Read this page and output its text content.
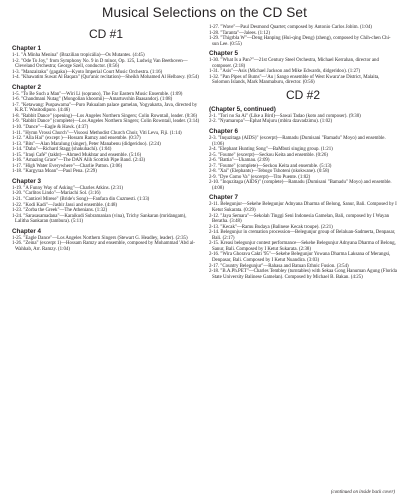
Musical Selections on the CD Set
CD #1
Chapter 1

1-1. "A Minha Menina" (Brazilian tropicália)—Os Mutantes. (4:45)

1-2. "Ode To Joy," from Symphony No. 9 in D minor, Op. 125, Ludwig Van Beethoven—Cleveland Orchestra; George Szell, conductor. (0:56)

1-3. "Manzairaku" (gagaku)—Kyoto Imperial Court Music Orchestra. (1:16)

1-4. "Khawatim Suwat Al Baqara" (Qur'anic recitation)—Sheikh Mohamed Al Helbawy. (0:54)

Chapter 2

1-5. "To Be Such a Man"—Wiri Li (soprano), The Far Eastern Music Ensemble. (1:09)

1-6. "Chandmani Nutag" (Mongolian khoomii)—Amartuvshin Baasandorj. (1:08)

1-7. "Ketawang: Puspawarna"—Puro Pakualam palace gamelan, Yogyakarta, Java, directed by K.R.T. Wasitodipuro. (4:46)

1-8. "Rabbit Dance" (opening)—Los Angeles Northern Singers; Colin Rowntail, leader. (0:36)

1-9. "Rabbit Dance" (complete)—Los Angeles Northern Singers; Colin Rowntail, leader. (3:14)

1-10. "Dance"—Eagle & Hawk. (4:37)

1-11. "Hymn Vrossi Church"—Visoosi Methodist Church Choir, Viti Levu, Fiji. (1:14)

1-12. "Alla Hai" (except )—Hossam Ramzy and ensemble. (0:37)

1-13. "Bits"—Alan Maralung (singer), Peter Manabenu (didgeridoo). (2:24)

1-14. "Daba"—Richard Stagg (shakuhachi). (1:04)

1-15. "Iraqi Café" (takht)—Ahmed Mukhtar and ensemble. (5:16)

1-16. "Amazing Grace"—The DAN Alih Scottish Pipe Band. (2:43)

1-17. "High Water Everywhere"—Charlie Patton. (3:06)

1-18. "Kargyraa Moan"—Paul Pena. (2:29)

Chapter 3

1-19. "A Funny Way of Asking"—Charles Atkins. (2:31)

1-20. "Carlitos Lindo"—Mariachi Sol. (3:16)

1-21. "Canticel Mirese" (Bride's Song)—Fanfara din Cuzmesti. (1:33)

1-22. "Kodi Kadi"—Jasbir Jassi and ensemble. (4:48)

1-23. "Zorba the Greek"—The Athenians. (1:32)

1-24. "Sarasasamadana"—Karaikudi Subramanian (vina), Trichy Sankaran (mridangam), Lalitha Sankaran (tambura). (5:11)

Chapter 4

1-25. "Eagle Dance"—Los Angeles Northern Singers (Stewart G. Headley, leader). (2:35)

1-26. "Zeina" (excerpt 1)—Hossam Ramzy and ensemble, composed by Mohammad 'Abd al-Wahhab, Arr. Ramzy. (1:04)

1-27. "Wave"—Paul Desmond Quartet; composed by Antonio Carlos Jobim. (1:04)

1-28. "Taranta"—Jalees. (1:12)

1-29. "Thigrbla W"—Deng Hanping (Hui-qing Deng) (zheng), composed by Chih-chen Chi-sun Lee. (0:55)

Chapter 5

1-30. "What Is a Pan?"—21st Century Steel Orchestra, Michael Kerrahan, director and composer. (2:18)

1-31. "Asis"—Asis (Michael Jackson and Mike Edwards, didgeridoo). (1:27)

1-32. "Pan Pipes of Bums"—'Au | Sango ensemble of West Kwaraʻae District, Malaita, Solomon Islands, Mark Manmaburu, director. (0:56)

CD #2
(Chapter 5, continued)

2-1. "Tori no Sa Ai" (Like a Bird)—Sawai Tadao (koto and composer). (9:30)

2-2. "Nyamaropa"—Ephat Mujuru (mbira dzavadzimu). (1:02)

Chapter 6

2-3. "Inquzitaga (AIDS)" (excerpt)—Ramadu (Dumisani "Bamadu" Moyo) and ensemble. (1:06)

2-4. "Elephant Hunting Song"—BaMbuti singing group. (1:21)

2-5. "Foume" (excerpt)—Seckou Keita and ensemble. (0:26)

2-6. "Battia"—Ukamau. (2:09)

2-7. "Foume" (complete)—Seckou Keita and ensemble. (5:13)

2-8. "Xai" (Elephants)—Tebogo Tshoteni (nkokwane). (0:58)

2-9. "Dye Como Va" (excerpt)—Tito Puente. (1:02)

2-10. "Inquzitaga (AIDS)" (complete)—Ramadu (Dumisani "Bamadu" Moyo) and ensemble. (4:08)

Chapter 7

2-11. Belegunjur—Sekehe Belegunjur Adnyana Dharma of Belong, Sanur, Bali. Composed by I Ketut Sukarata. (0:29)

2-12. "Jaya Semara"—Sekolah Tinggi Seni Indonesia Gamelan, Bali, composed by I Wayan Beratha. (3:48)

2-13. "Kecak"—Ramu Budaya (Balinese Kecak troupe). (2:21)

2-14. Belegunjur in cremation procession—Belegunjur group of Belaluan-Sadmerta, Denpasar, Bali. (2:17)

2-15. Kreasi belegunjur contest performance—Sekehe Belegunjur Adnyana Dharma of Belong, Sanur, Bali. Composed by I Ketut Sukarata. (2:38)

2-16. "Wira Ghorava Cakti '95"—Sekehe Belegunjur Yowana Dharma Laksana of Merangsi, Denpasar, Bali. Composed by I Ketut Nuandira. (3:03)

2-17. "Country Belegunjur"—Rahasa and Batuan Ethnic Fusion. (3:54)

2-18. "B.A.Ph.PET"—Charles Tembley (turntables) with Sekaa Gong Hanuman Agung (Florida State University Balinese Gamelan). Composed by Michael B. Bakan. (4:25)

(continued on inside back cover)
